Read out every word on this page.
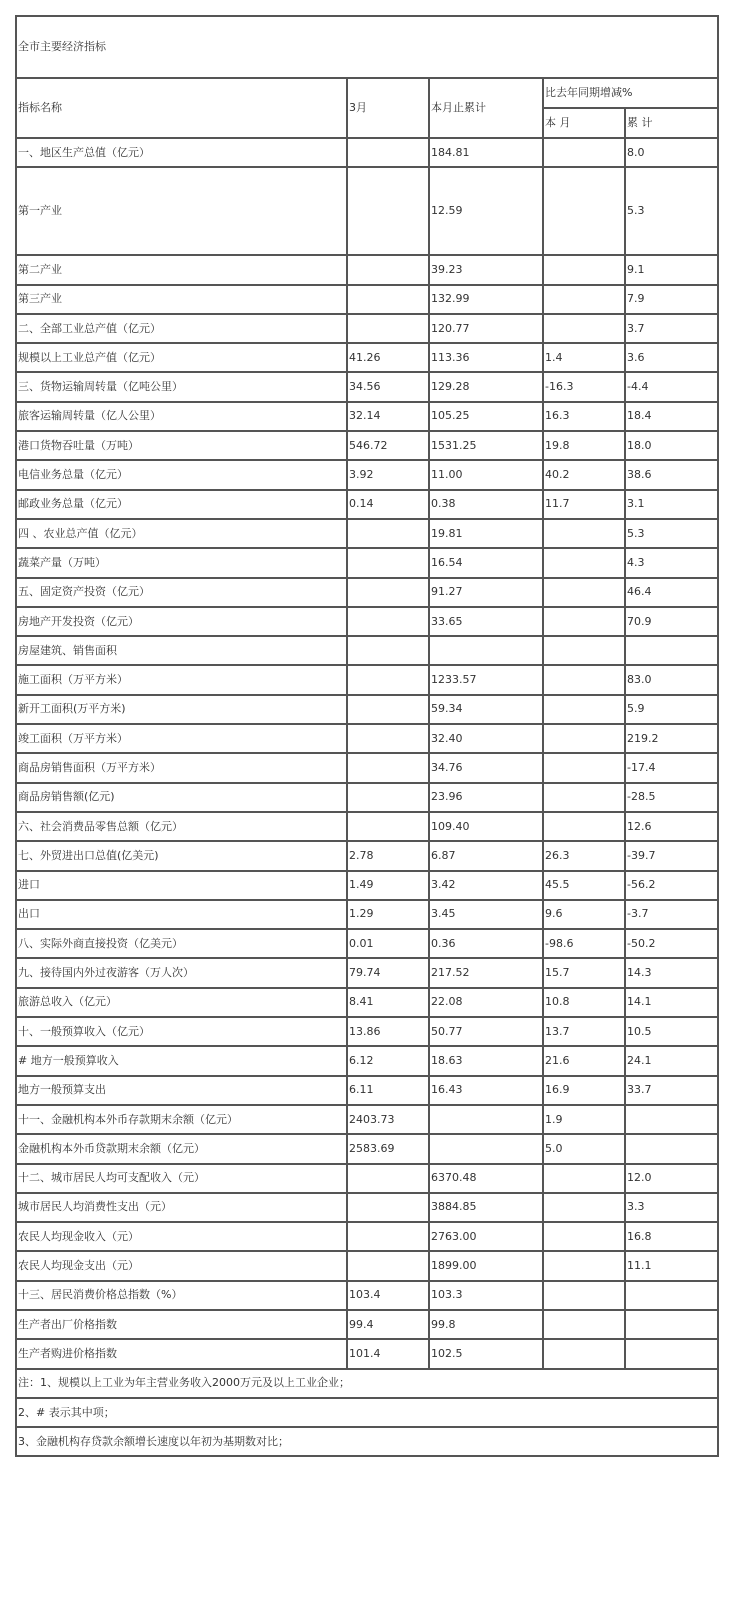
全市主要经济指标				
指标名称	3月	本月止累计	比去年同期增减%	
			本 月	累 计
一、地区生产总值（亿元）		184.81		8.0
第一产业		12.59		5.3
第二产业		39.23		9.1
第三产业		132.99		7.9
二、全部工业总产值（亿元）		120.77		3.7
规模以上工业总产值（亿元）	41.26	113.36	1.4	3.6
三、货物运输周转量（亿吨公里）	34.56	129.28	-16.3	-4.4
旅客运输周转量（亿人公里）	32.14	105.25	16.3	18.4
港口货物吞吐量（万吨）	546.72	1531.25	19.8	18.0
电信业务总量（亿元）	3.92	11.00	40.2	38.6
邮政业务总量（亿元）	0.14	0.38	11.7	3.1
四 、农业总产值（亿元）		19.81		5.3
蔬菜产量（万吨）		16.54		4.3
五、固定资产投资（亿元）		91.27		46.4
房地产开发投资（亿元）		33.65		70.9
房屋建筑、销售面积				
施工面积（万平方米）		1233.57		83.0
新开工面积(万平方米)		59.34		5.9
竣工面积（万平方米）		32.40		219.2
商品房销售面积（万平方米）		34.76		-17.4
商品房销售额(亿元)		23.96		-28.5
六、社会消费品零售总额（亿元）		109.40		12.6
七、外贸进出口总值(亿美元)	2.78	6.87	26.3	-39.7
进口	1.49	3.42	45.5	-56.2
出口	1.29	3.45	9.6	-3.7
八、实际外商直接投资（亿美元）	0.01	0.36	-98.6	-50.2
九、接待国内外过夜游客（万人次）	79.74	217.52	15.7	14.3
旅游总收入（亿元）	8.41	22.08	10.8	14.1
十、一般预算收入（亿元）	13.86	50.77	13.7	10.5
# 地方一般预算收入	6.12	18.63	21.6	24.1
地方一般预算支出	6.11	16.43	16.9	33.7
十一、金融机构本外币存款期末余额（亿元）	2403.73		1.9	
金融机构本外币贷款期末余额（亿元）	2583.69		5.0	
十二、城市居民人均可支配收入（元）		6370.48		12.0
城市居民人均消费性支出（元）		3884.85		3.3
农民人均现金收入（元）		2763.00		16.8
农民人均现金支出（元）		1899.00		11.1
十三、居民消费价格总指数（%）	103.4	103.3		
生产者出厂价格指数	99.4	99.8		
生产者购进价格指数	101.4	102.5		
注：1、规模以上工业为年主营业务收入2000万元及以上工业企业；				
2、# 表示其中项；				
3、金融机构存贷款余额增长速度以年初为基期数对比；				
